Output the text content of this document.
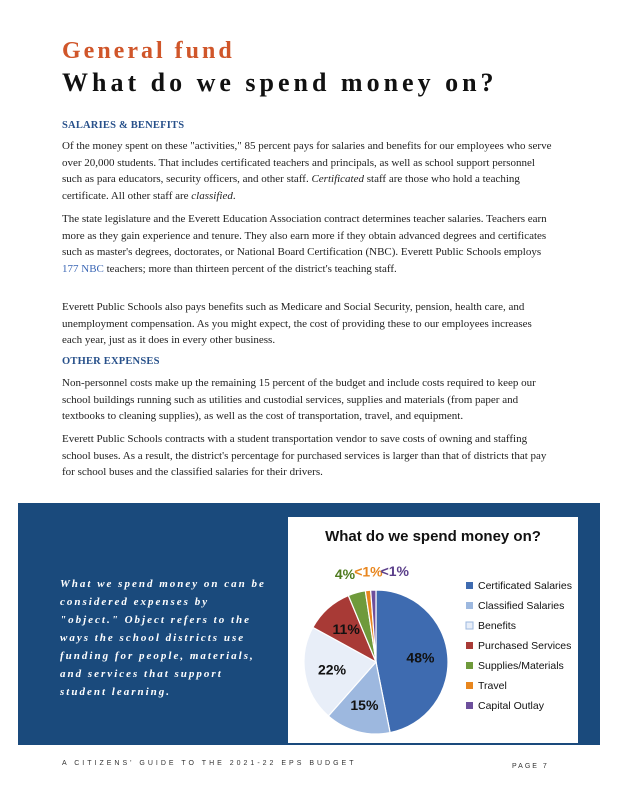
General fund
What do we spend money on?
SALARIES & BENEFITS

Of the money spent on these "activities," 85 percent pays for salaries and benefits for our employees who serve over 20,000 students. That includes certificated teachers and principals, as well as school support personnel such as para educators, security officers, and other staff. Certificated staff are those who hold a teaching certificate. All other staff are classified.

The state legislature and the Everett Education Association contract determines teacher salaries. Teachers earn more as they gain experience and tenure. They also earn more if they obtain advanced degrees and certificates such as master's degrees, doctorates, or National Board Certification (NBC). Everett Public Schools employs 177 NBC teachers; more than thirteen percent of the district's teaching staff.

Everett Public Schools also pays benefits such as Medicare and Social Security, pension, health care, and unemployment compensation. As you might expect, the cost of providing these to our employees increases each year, just as it does in every other business.

OTHER EXPENSES

Non-personnel costs make up the remaining 15 percent of the budget and include costs required to keep our school buildings running such as utilities and custodial services, supplies and materials (from paper and textbooks to cleaning supplies), as well as the cost of transportation, travel, and equipment.

Everett Public Schools contracts with a student transportation vendor to save costs of owning and staffing school buses. As a result, the district's percentage for purchased services is larger than that of districts that pay for school buses and the classified salaries for their drivers.

What we spend money on can be considered expenses by "object." Object refers to the ways the school districts use funding for people, materials, and services that support student learning.
What do we spend money on?
48%
15%
22%
11%
4% <1%
<1%
Certificated Salaries
Classified Salaries
Benefits
Purchased Services
Supplies/Materials
Travel
Capital Outlay
A CITIZENS' GUIDE TO THE 2021-22 EPS BUDGET	PAGE 7
